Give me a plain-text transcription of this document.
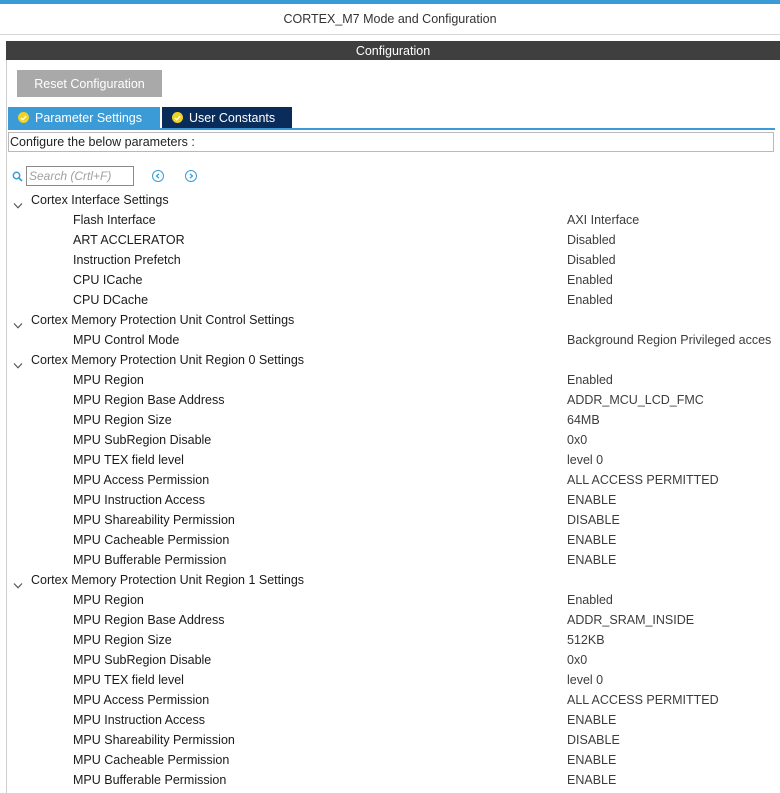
CORTEX_M7 Mode and Configuration
Configuration
Reset Configuration
Parameter Settings	User Constants
Configure the below parameters :
Search (Crtl+F)
Cortex Interface Settings
Flash Interface	AXI Interface
ART ACCLERATOR	Disabled
Instruction Prefetch	Disabled
CPU ICache	Enabled
CPU DCache	Enabled
Cortex Memory Protection Unit Control Settings
MPU Control Mode	Background Region Privileged acces
Cortex Memory Protection Unit Region 0 Settings
MPU Region	Enabled
MPU Region Base Address	ADDR_MCU_LCD_FMC
MPU Region Size	64MB
MPU SubRegion Disable	0x0
MPU TEX field level	level 0
MPU Access Permission	ALL ACCESS PERMITTED
MPU Instruction Access	ENABLE
MPU Shareability Permission	DISABLE
MPU Cacheable Permission	ENABLE
MPU Bufferable Permission	ENABLE
Cortex Memory Protection Unit Region 1 Settings
MPU Region	Enabled
MPU Region Base Address	ADDR_SRAM_INSIDE
MPU Region Size	512KB
MPU SubRegion Disable	0x0
MPU TEX field level	level 0
MPU Access Permission	ALL ACCESS PERMITTED
MPU Instruction Access	ENABLE
MPU Shareability Permission	DISABLE
MPU Cacheable Permission	ENABLE
MPU Bufferable Permission	ENABLE
